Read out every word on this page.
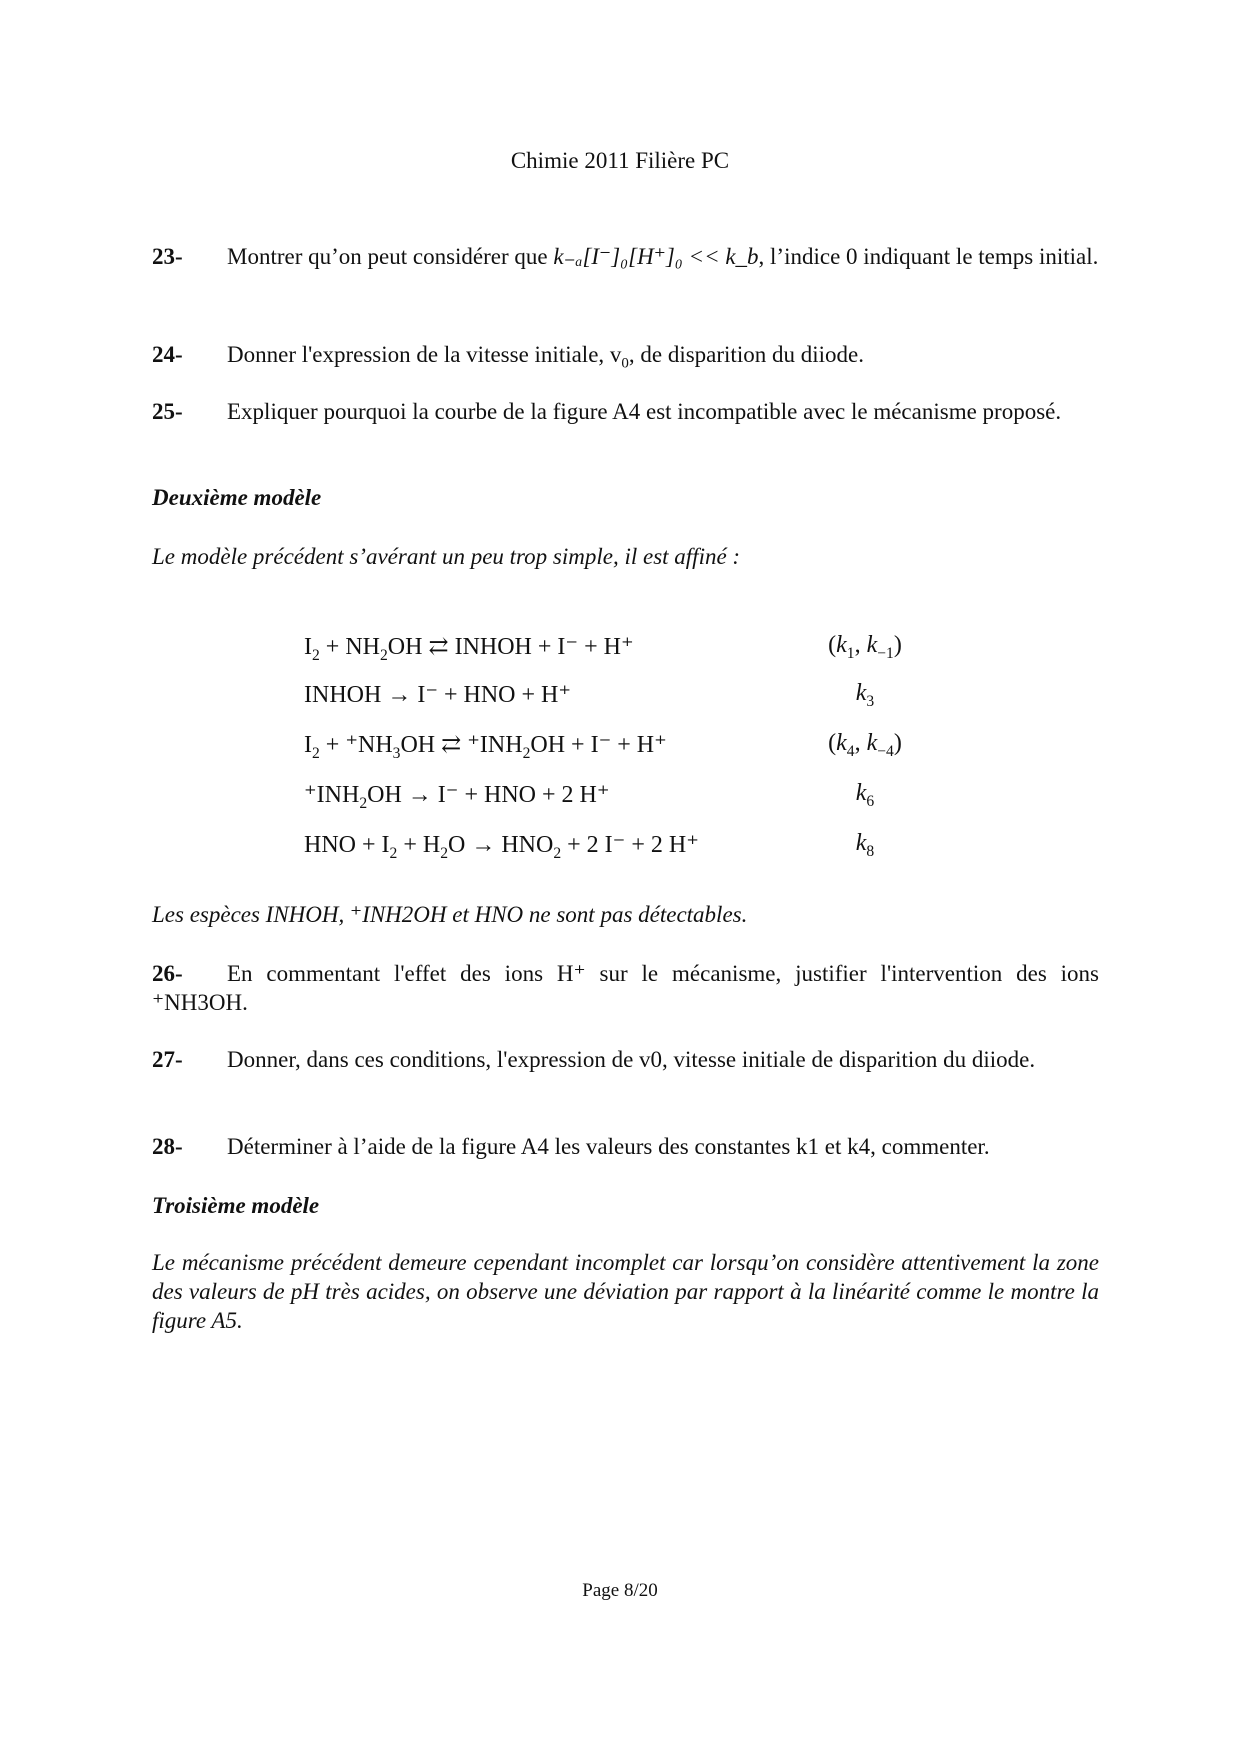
Chimie 2011 Filière PC
23- Montrer qu’on peut considérer que k₋ₐ[I⁻]₀[H⁺]₀ << k_b, l’indice 0 indiquant le temps initial.
24- Donner l'expression de la vitesse initiale, $v_0$, de disparition du diiode.
25- Expliquer pourquoi la courbe de la figure A4 est incompatible avec le mécanisme proposé.
Deuxième modèle
Le modèle précédent s’avérant un peu trop simple, il est affiné :
$I_2 + NH_2OH$ ⇄ INHOH + I⁻ + H⁺	($k_1$, $k_{-1}$)
INHOH → I⁻ + HNO + H⁺	$k_3$
$I_2 + ^+NH_3OH$ ⇄ $^+INH_2OH + I^- + H^+$	($k_4$, $k_{-4}$)
$^+INH_2OH \to I^-$ + HNO + 2 H⁺	$k_6$
HNO + $I_2 + H_2O \to HNO_2 + 2$ I⁻ + 2 H⁺	$k_8$
Les espèces INHOH, ⁺INH2OH et HNO ne sont pas détectables.
26- En commentant l'effet des ions H⁺ sur le mécanisme, justifier l'intervention des ions ⁺NH3OH.
27- Donner, dans ces conditions, l'expression de v0, vitesse initiale de disparition du diiode.
28- Déterminer à l’aide de la figure A4 les valeurs des constantes k1 et k4, commenter.
Troisième modèle
Le mécanisme précédent demeure cependant incomplet car lorsqu’on considère attentivement la zone des valeurs de pH très acides, on observe une déviation par rapport à la linéarité comme le montre la figure A5.
Page 8/20
